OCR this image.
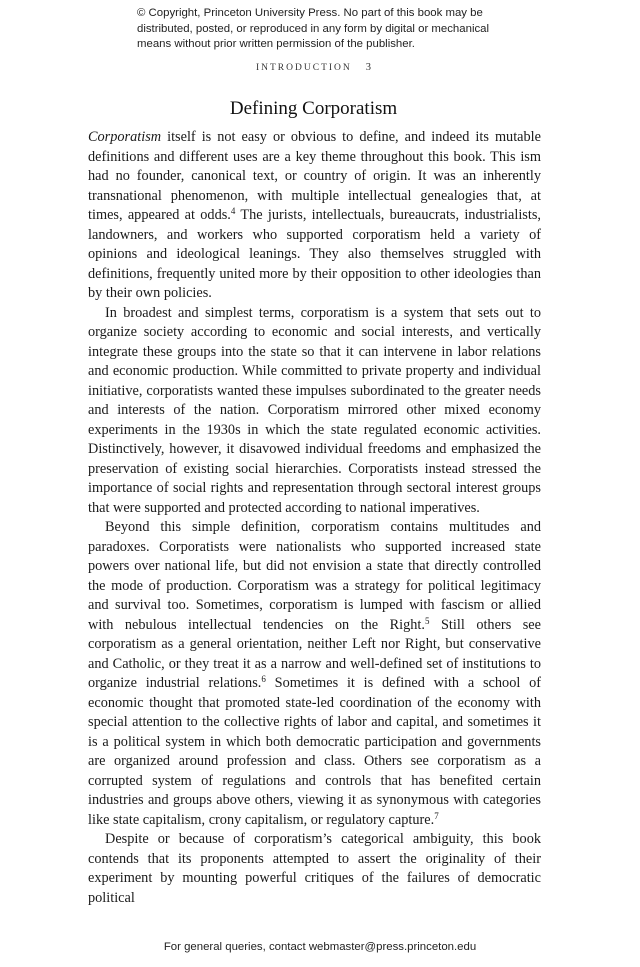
© Copyright, Princeton University Press. No part of this book may be distributed, posted, or reproduced in any form by digital or mechanical means without prior written permission of the publisher.
INTRODUCTION 3
Defining Corporatism

Corporatism itself is not easy or obvious to define, and indeed its mutable definitions and different uses are a key theme throughout this book. This ism had no founder, canonical text, or country of origin. It was an inherently transnational phenomenon, with multiple intellectual genealogies that, at times, appeared at odds.$^4$ The jurists, intellectuals, bureaucrats, industrialists, landowners, and workers who supported corporatism held a variety of opinions and ideological leanings. They also themselves struggled with definitions, frequently united more by their opposition to other ideologies than by their own policies.

In broadest and simplest terms, corporatism is a system that sets out to organize society according to economic and social interests, and vertically integrate these groups into the state so that it can intervene in labor relations and economic production. While committed to private property and individual initiative, corporatists wanted these impulses subordinated to the greater needs and interests of the nation. Corporatism mirrored other mixed economy experiments in the 1930s in which the state regulated economic activities. Distinctively, however, it disavowed individual freedoms and emphasized the preservation of existing social hierarchies. Corporatists instead stressed the importance of social rights and representation through sectoral interest groups that were supported and protected according to national imperatives.

Beyond this simple definition, corporatism contains multitudes and paradoxes. Corporatists were nationalists who supported increased state powers over national life, but did not envision a state that directly controlled the mode of production. Corporatism was a strategy for political legitimacy and survival too. Sometimes, corporatism is lumped with fascism or allied with nebulous intellectual tendencies on the Right.$^5$ Still others see corporatism as a general orientation, neither Left nor Right, but conservative and Catholic, or they treat it as a narrow and well-defined set of institutions to organize industrial relations.$^6$ Sometimes it is defined with a school of economic thought that promoted state-led coordination of the economy with special attention to the collective rights of labor and capital, and sometimes it is a political system in which both democratic participation and governments are organized around profession and class. Others see corporatism as a corrupted system of regulations and controls that has benefited certain industries and groups above others, viewing it as synonymous with categories like state capitalism, crony capitalism, or regulatory capture.$^7$

Despite or because of corporatism’s categorical ambiguity, this book contends that its proponents attempted to assert the originality of their experiment by mounting powerful critiques of the failures of democratic political

For general queries, contact webmaster@press.princeton.edu
